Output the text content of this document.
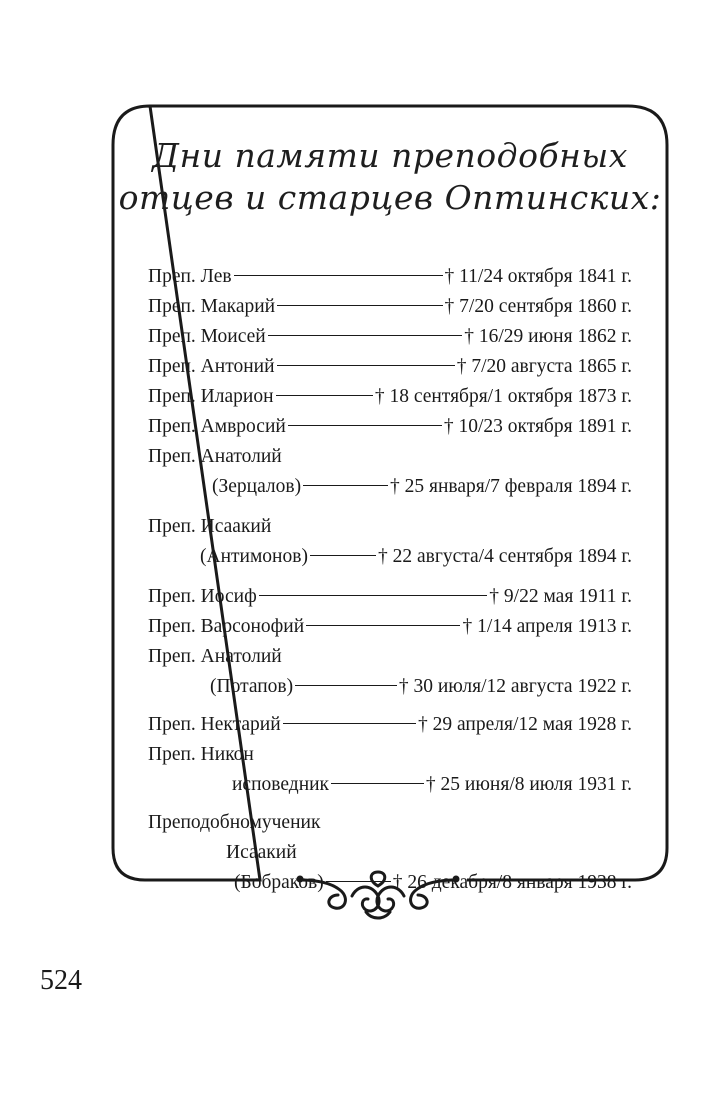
Дни памяти преподобных
отцев и старцев Оптинских:
Преп. Лев	† 11/24 октября 1841 г.
Преп. Макарий	† 7/20 сентября 1860 г.
Преп. Моисей	† 16/29 июня 1862 г.
Преп. Антоний	† 7/20 августа 1865 г.
Преп. Иларион	† 18 сентября/1 октября 1873 г.
Преп. Амвросий	† 10/23 октября 1891 г.
Преп. Анатолий
(Зерцалов)	† 25 января/7 февраля 1894 г.
Преп. Исаакий
(Антимонов)	† 22 августа/4 сентября 1894 г.
Преп. Иосиф	† 9/22 мая 1911 г.
Преп. Варсонофий	† 1/14 апреля 1913 г.
Преп. Анатолий
(Потапов)	† 30 июля/12 августа 1922 г.
Преп. Нектарий	† 29 апреля/12 мая 1928 г.
Преп. Никон
исповедник	† 25 июня/8 июля 1931 г.
Преподобномученик
Исаакий
(Бобраков)	† 26 декабря/8 января 1938 г.
524
